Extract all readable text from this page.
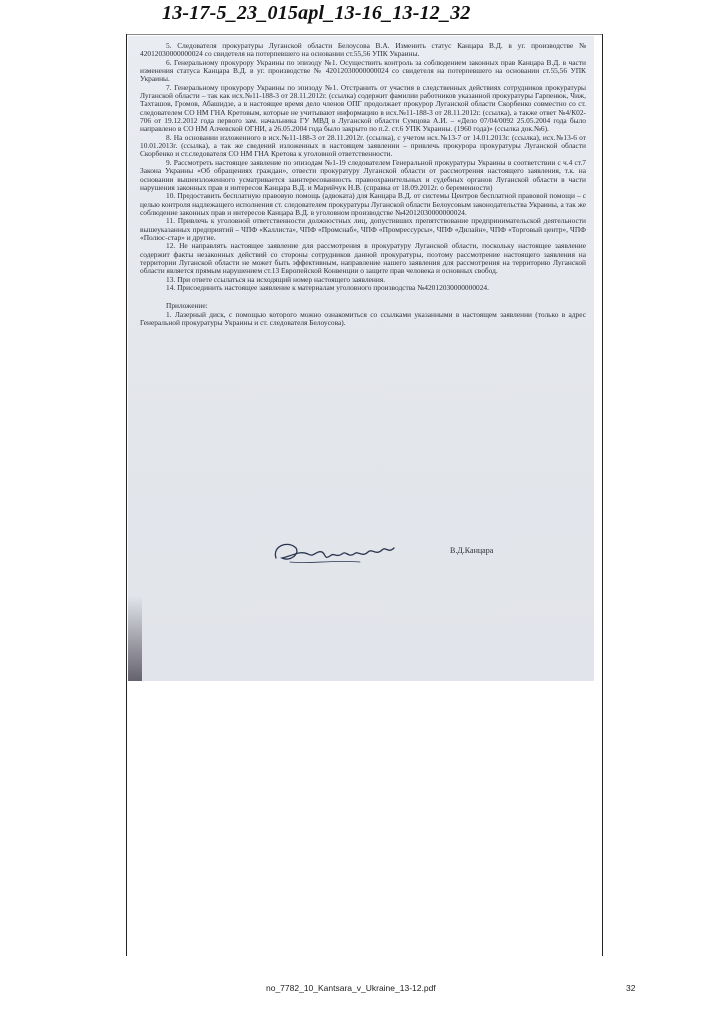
13-17-5_23_015apl_13-16_13-12_32

5. Следователя прокуратуры Луганской области Белоусова В.А. Изменить статус Канцара В.Д. в уг. производстве № 42012030000000024 со свидетеля на потерпевшего на основании ст.55,56 УПК Украины.

6. Генеральному прокурору Украины по эпизоду №1. Осуществить контроль за соблюдением законных прав Канцара В.Д. в части изменения статуса Канцара В.Д. в уг. производстве № 42012030000000024 со свидетеля на потерпевшего на основании ст.55,56 УПК Украины.

7. Генеральному прокурору Украины по эпизоду №1. Отстранить от участия в следственных действиях сотрудников прокуратуры Луганской области – так как исх.№11-188-3 от 28.11.2012г. (ссылка) содержит фамилии работников указанной прокуратуры Гарпенюк, Чиж, Тахташов, Громов, Абашидзе, а в настоящее время дело членов ОПГ продолжает прокурор Луганской области Скорбенко совместно со ст. следователем СО НМ ГНА Кретовым, которые не учитывают информацию в исх.№11-188-3 от 28.11.2012г. (ссылка), а также ответ №4/К02-706 от 19.12.2012 года первого зам. начальника ГУ МВД в Луганской области Сумцова А.И. – «Дело 07/04/0092 25.05.2004 года было направлено в СО НМ Алчевской ОГНИ, а 26.05.2004 года было закрыто по п.2. ст.6 УПК Украины. (1960 года)» (ссылка док.№6).

8. На основании изложенного в исх.№11-188-3 от 28.11.2012г. (ссылка), с учетом исх.№13-7 от 14.01.2013г. (ссылка), исх.№13-6 от 10.01.2013г. (ссылка), а так же сведений изложенных в настоящем заявлении – привлечь прокурора прокуратуры Луганской области Скорбенко и ст.следователя СО НМ ГНА Кретова к уголовной ответственности.

9. Рассмотреть настоящее заявление по эпизодам №1-19 следователем Генеральной прокуратуры Украины в соответствии с ч.4 ст.7 Закона Украины «Об обращениях граждан», отвести прокуратуру Луганской области от рассмотрения настоящего заявления, т.к. на основании вышеизложенного усматривается заинтересованность правоохранительных и судебных органов Луганской области в части нарушения законных прав и интересов Канцара В.Д. и Марийчук Н.В. (справка от 18.09.2012г. о беременности)

10. Предоставить бесплатную правовую помощь (адвоката) для Канцара В.Д. от системы Центров бесплатной правовой помощи – с целью контроля надлежащего исполнения ст. следователем прокуратуры Луганской области Белоусовым законодательства Украины, а так же соблюдение законных прав и интересов Канцара В.Д. в уголовном производстве №42012030000000024.

11. Привлечь к уголовной ответственности должностных лиц, допустивших препятствование предпринимательской деятельности вышеуказанных предприятий – ЧПФ «Каллиста», ЧПФ «Промснаб», ЧПФ «Промрессурсы», ЧПФ «Дилайн», ЧПФ «Торговый центр», ЧПФ «Полюс-стар» и другие.

12. Не направлять настоящее заявление для рассмотрения в прокуратуру Луганской области, поскольку настоящее заявление содержит факты незаконных действий со стороны сотрудников данной прокуратуры, поэтому рассмотрение настоящего заявления на территории Луганской области не может быть эффективным, направление нашего заявления для рассмотрения на территорию Луганской области является прямым нарушением ст.13 Европейской Конвенции о защите прав человека и основных свобод.

13. При ответе ссылаться на исходящий номер настоящего заявления.

14. Присоединить настоящее заявление к материалам уголовного производства №42012030000000024.

Приложение:

1. Лазерный диск, с помощью которого можно ознакомиться со ссылками указанными в настоящем заявлении (только в адрес Генеральной прокуратуры Украины и ст. следователя Белоусова).

В.Д.Канцара
no_7782_10_Kantsara_v_Ukraine_13-12.pdf	32
